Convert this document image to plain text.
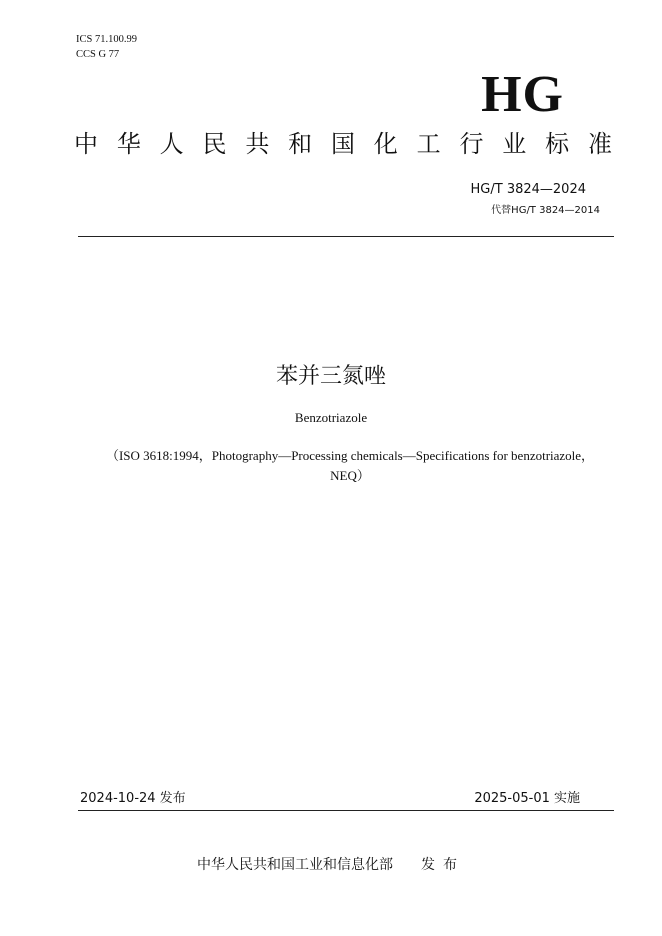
ICS 71.100.99
CCS G 77
HG
中 华 人 民 共 和 国 化 工 行 业 标 准
HG/T 3824—2024
代替HG/T 3824—2014
苯并三氮唑
Benzotriazole
（ISO 3618:1994，Photography—Processing chemicals—Specifications for benzotriazole，NEQ）
2024-10-24 发布	2025-05-01 实施
中华人民共和国工业和信息化部 发布
